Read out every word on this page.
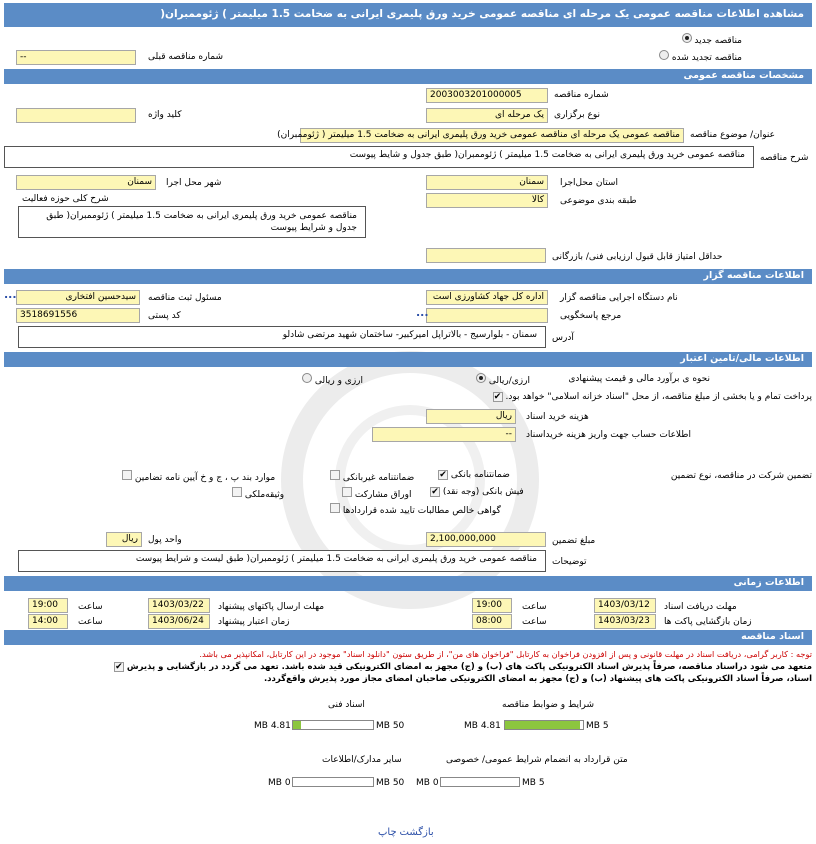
مشاهده اطلاعات مناقصه عمومی یک مرحله ای مناقصه عمومی خرید ورق پلیمری ایرانی به ضخامت 1.5 میلیمتر ) ژئوممبران(
مناقصه جدید
مناقصه تجدید شده
شماره مناقصه قبلی
--
مشخصات مناقصه عمومی
شماره مناقصه
2003003201000005
نوع برگزاری
یک مرحله ای
کلید واژه
عنوان/ موضوع مناقصه
مناقصه عمومی یک مرحله ای مناقصه عمومی خرید ورق پلیمری ایرانی به ضخامت 1.5 میلیمتر ( ژئوممبران)
شرح مناقصه
مناقصه عمومی خرید ورق پلیمری ایرانی به ضخامت 1.5 میلیمتر ) ژئوممبران( طبق جدول و شایط پیوست
استان محل‌اجرا
سمنان
شهر محل اجرا
سمنان
طبقه بندی موضوعی
کالا
شرح کلی حوزه فعالیت
مناقصه عمومی خرید ورق پلیمری ایرانی به ضخامت 1.5 میلیمتر ) ژئوممبران( طبق جدول و شرایط پیوست
حداقل امتیاز قابل قبول ارزیابی فنی/ بازرگانی
اطلاعات مناقصه گزار
نام دستگاه اجرایی مناقصه گزار
اداره کل جهاد کشاورزی است
مسئول ثبت مناقصه
سیدحسین افتخاری
...
مرجع پاسخگویی
...
کد پستی
3518691556
آدرس
سمنان - بلوارسیج - بالاتراپل امیرکبیر- ساختمان شهید مرتضی شادلو
اطلاعات مالی/تامین اعتبار
نحوه ی برآورد مالی و قیمت پیشنهادی
ارزی/ریالی
ارزی و ریالی
پرداخت تمام و یا بخشی از مبلغ مناقصه، از محل "اسناد خزانه اسلامی" خواهد بود. ✔
هزینه خرید اسناد
ریال
اطلاعات حساب جهت واریز هزینه خریداسناد
--
تضمین شرکت در مناقصه، نوع تضمین
ضمانتنامه بانکی ✔
ضمانتنامه غیربانکی
موارد بند پ ، ج و خ آیین نامه تضامین
فیش بانکی (وجه نقد) ✔
اوراق مشارکت
وثیقه‌ملکی
گواهی خالص مطالبات تایید شده قراردادها
مبلغ تضمین
2,100,000,000
واحد پول
ریال
توضیحات
مناقصه عمومی خرید ورق پلیمری ایرانی به ضخامت 1.5 میلیمتر ) ژئوممبران( طبق لیست و شرایط پیوست
اطلاعات زمانی
مهلت دریافت اسناد
1403/03/12
ساعت
19:00
مهلت ارسال پاکتهای پیشنهاد
1403/03/22
ساعت
19:00
زمان بازگشایی پاکت ها
1403/03/23
ساعت
08:00
زمان اعتبار پیشنهاد
1403/06/24
ساعت
14:00
اسناد مناقصه
توجه : کاربر گرامی، دریافت اسناد در مهلت قانونی و پس از افزودن فراخوان به کارتابل "فراخوان های من"، از طریق ستون "دانلود اسناد" موجود در این کارتابل، امکانپذیر می باشد.
متعهد می شود دراسناد مناقصه، صرفاً پذیرش اسناد الکترونیکی پاکت های (ب) و (ج) مجهز به امضای الکترونیکی قید شده باشد. تعهد می گردد در بازگشایی و پذیرش ✔
اسناد، صرفاً اسناد الکترونیکی پاکت های پیشنهاد (ب) و (ج) مجهز به امضای الکترونیکی صاحبان امضای مجاز مورد پذیرش واقع‌گردد.
شرایط و ضوابط مناقصه
5 MB
4.81 MB
اسناد فنی
50 MB
4.81 MB
متن قرارداد به انضمام شرایط عمومی/ خصوصی
5 MB
0 MB
سایر مدارک/اطلاعات
50 MB
0 MB
بازگشت چاپ
